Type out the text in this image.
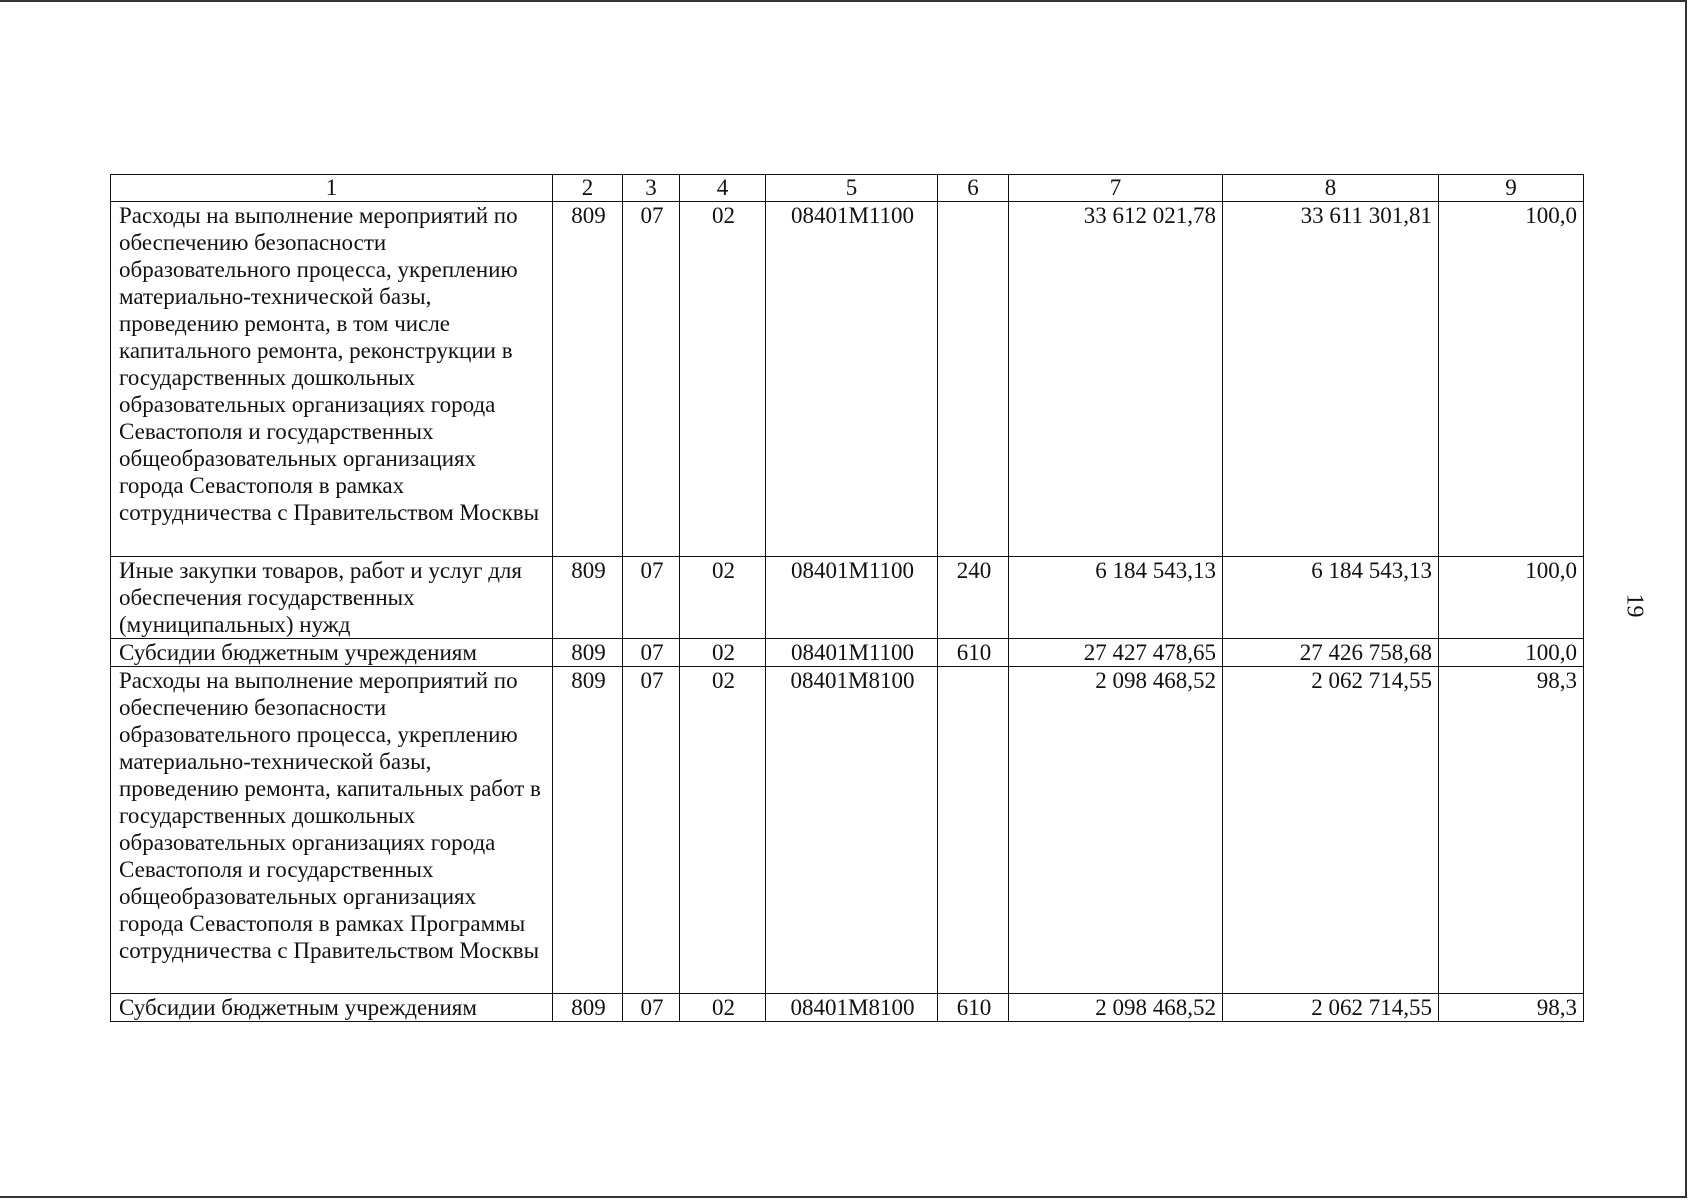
1	2	3	4	5	6	7	8	9
Расходы на выполнение мероприятий по обеспечению безопасности образовательного процесса, укреплению материально-технической базы, проведению ремонта, в том числе капитального ремонта, реконструкции в государственных дошкольных образовательных организациях города Севастополя и государственных общеобразовательных организациях города Севастополя в рамках сотрудничества с Правительством Москвы	809	07	02	08401M1100		33 612 021,78	33 611 301,81	100,0
Иные закупки товаров, работ и услуг для обеспечения государственных (муниципальных) нужд	809	07	02	08401M1100	240	6 184 543,13	6 184 543,13	100,0
Субсидии бюджетным учреждениям	809	07	02	08401M1100	610	27 427 478,65	27 426 758,68	100,0
Расходы на выполнение мероприятий по обеспечению безопасности образовательного процесса, укреплению материально-технической базы, проведению ремонта, капитальных работ в государственных дошкольных образовательных организациях города Севастополя и государственных общеобразовательных организациях города Севастополя в рамках Программы сотрудничества с Правительством Москвы	809	07	02	08401M8100		2 098 468,52	2 062 714,55	98,3
Субсидии бюджетным учреждениям	809	07	02	08401M8100	610	2 098 468,52	2 062 714,55	98,3
19
